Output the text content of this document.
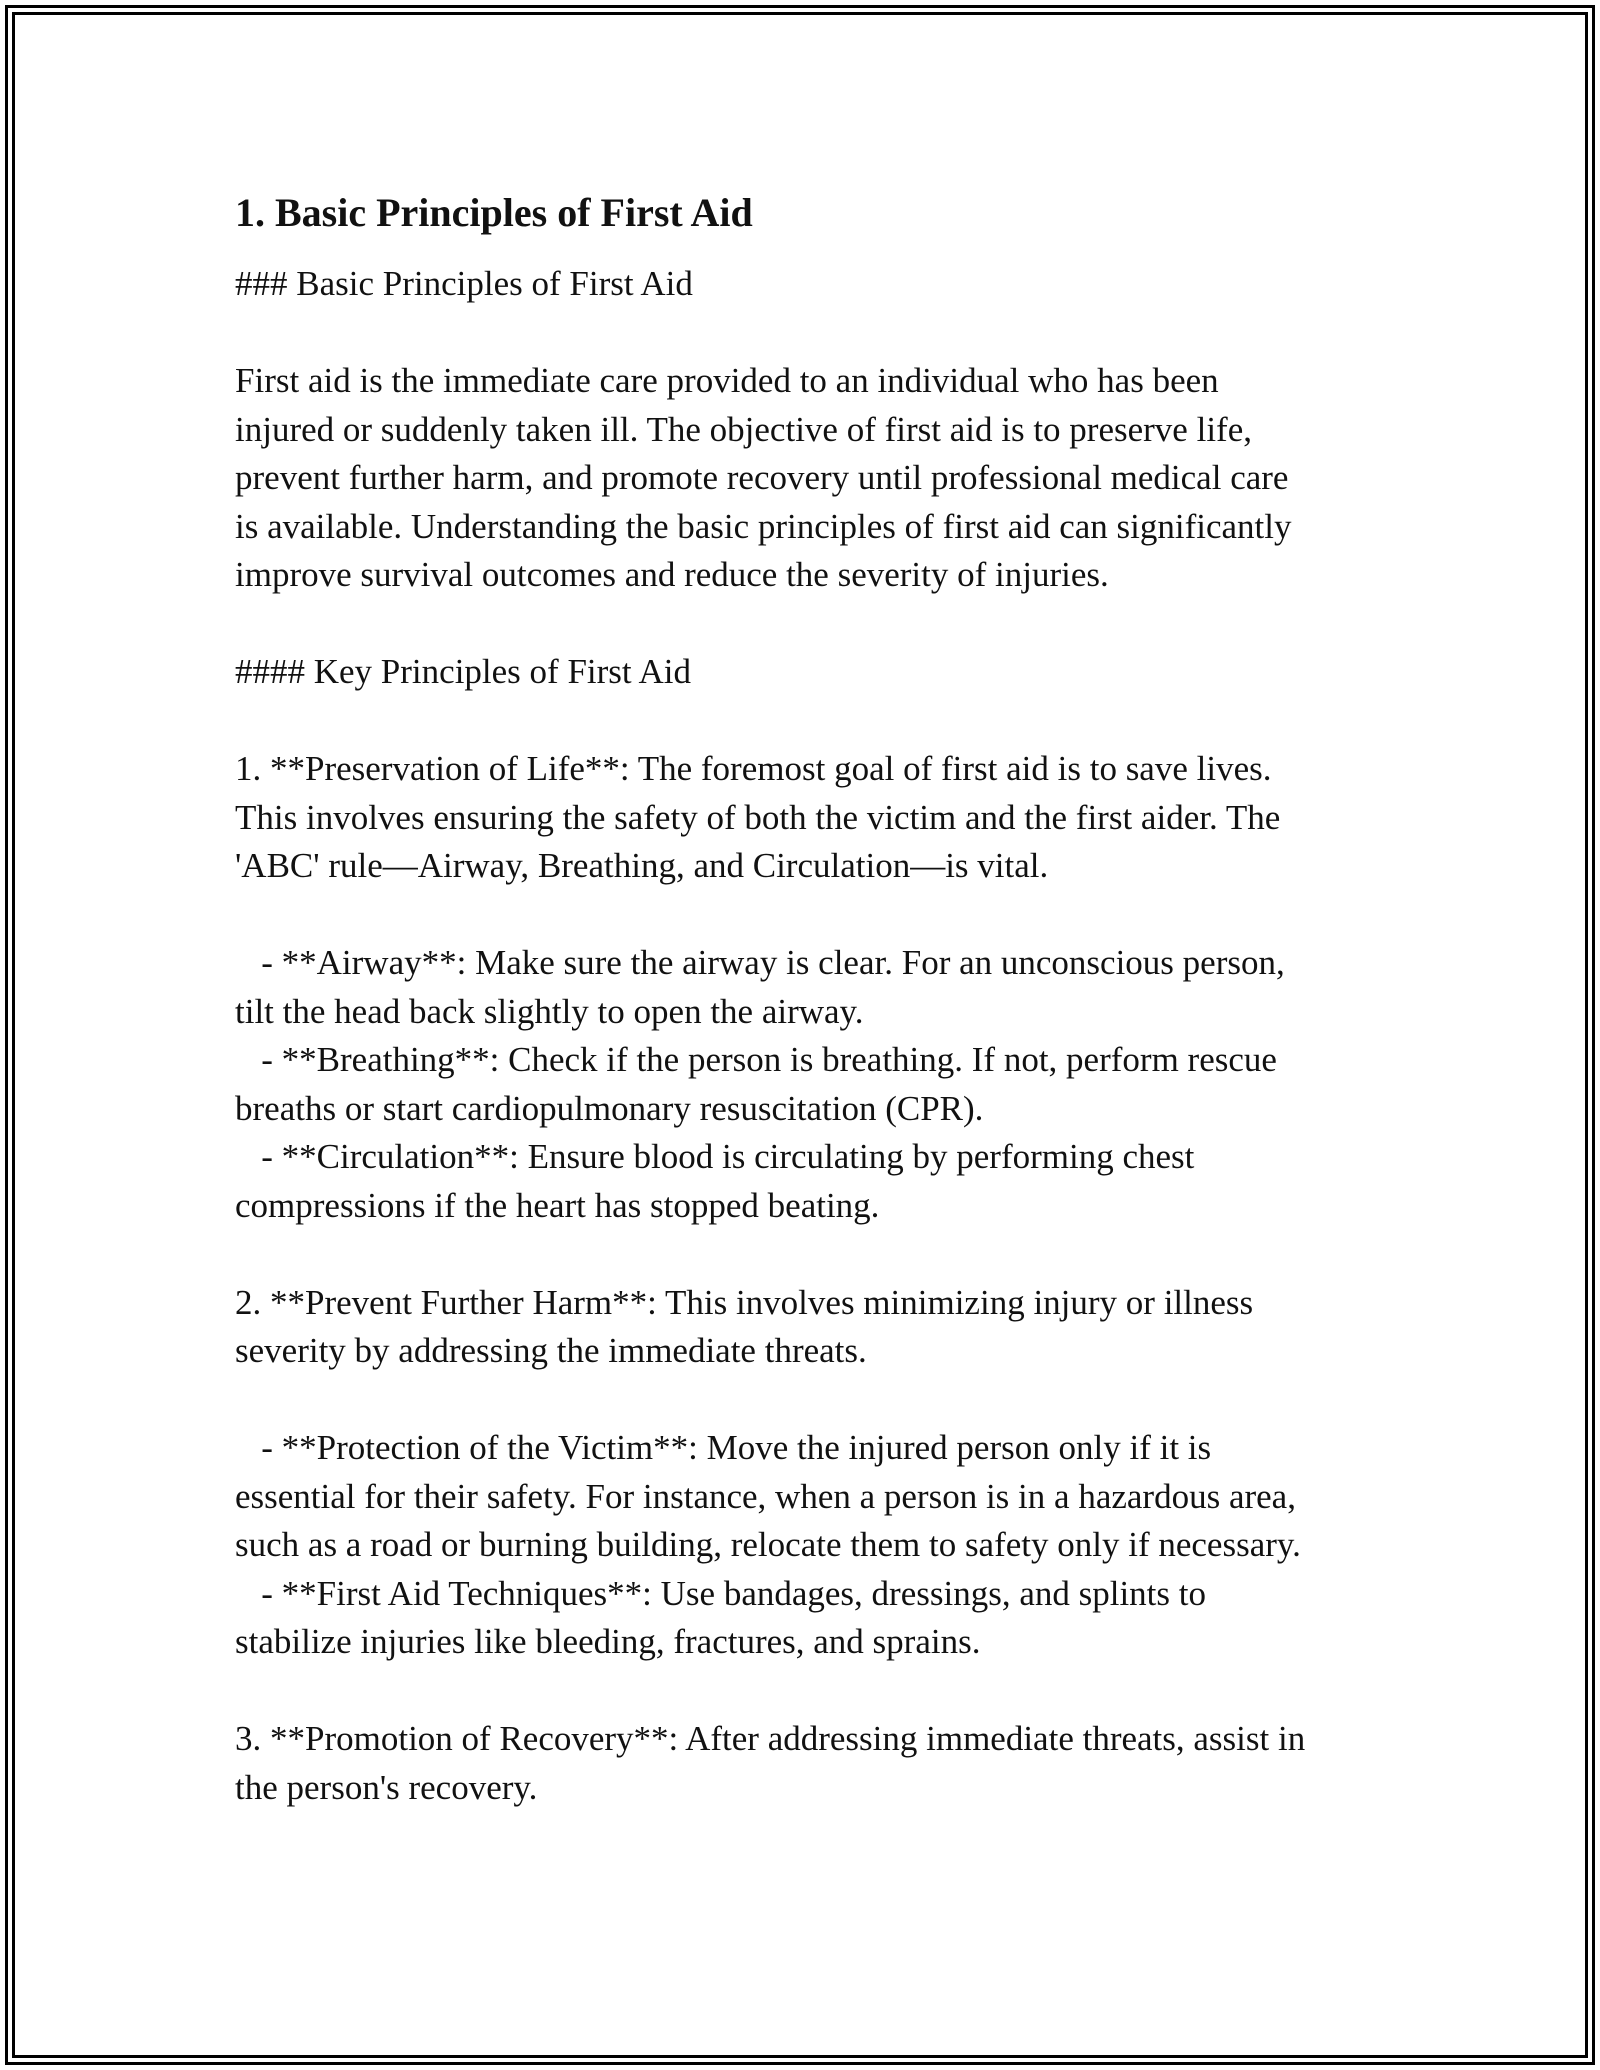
1. Basic Principles of First Aid
### Basic Principles of First Aid
First aid is the immediate care provided to an individual who has been
injured or suddenly taken ill. The objective of first aid is to preserve life,
prevent further harm, and promote recovery until professional medical care
is available. Understanding the basic principles of first aid can significantly
improve survival outcomes and reduce the severity of injuries.
#### Key Principles of First Aid
1. **Preservation of Life**: The foremost goal of first aid is to save lives.
This involves ensuring the safety of both the victim and the first aider. The
'ABC' rule—Airway, Breathing, and Circulation—is vital.
- **Airway**: Make sure the airway is clear. For an unconscious person,
tilt the head back slightly to open the airway.
- **Breathing**: Check if the person is breathing. If not, perform rescue
breaths or start cardiopulmonary resuscitation (CPR).
- **Circulation**: Ensure blood is circulating by performing chest
compressions if the heart has stopped beating.
2. **Prevent Further Harm**: This involves minimizing injury or illness
severity by addressing the immediate threats.
- **Protection of the Victim**: Move the injured person only if it is
essential for their safety. For instance, when a person is in a hazardous area,
such as a road or burning building, relocate them to safety only if necessary.
- **First Aid Techniques**: Use bandages, dressings, and splints to
stabilize injuries like bleeding, fractures, and sprains.
3. **Promotion of Recovery**: After addressing immediate threats, assist in
the person's recovery.
